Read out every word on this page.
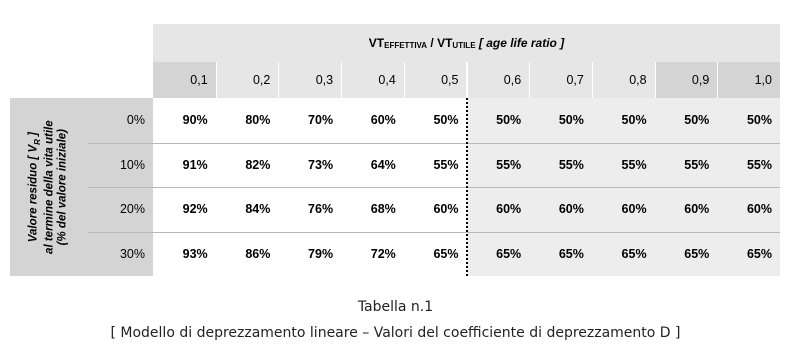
$VT_{EFFETTIVA} / VT_{UTILE}$ [ age life ratio ]
Valore residuo [ $V_R$ ] al termine della vita utile (% del valore iniziale)
0,1	0,2	0,3	0,4	0,5	0,6	0,7	0,8	0,9	1,0
0%	90%	80%	70%	60%	50%	50%	50%	50%	50%	50%
10%	91%	82%	73%	64%	55%	55%	55%	55%	55%	55%
20%	92%	84%	76%	68%	60%	60%	60%	60%	60%	60%
30%	93%	86%	79%	72%	65%	65%	65%	65%	65%	65%
Tabella n.1
[ Modello di deprezzamento lineare – Valori del coefficiente di deprezzamento D ]
